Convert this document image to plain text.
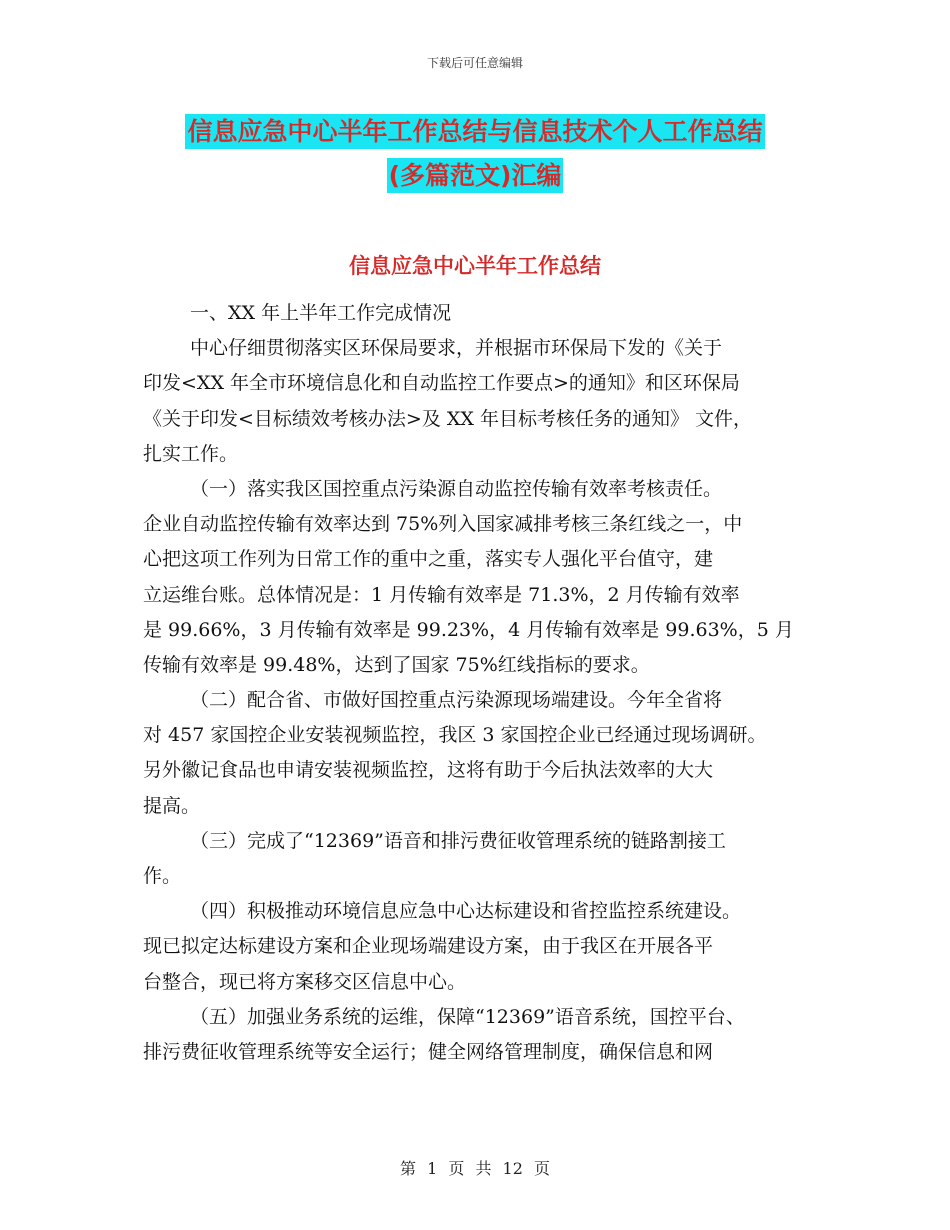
下载后可任意编辑
信息应急中心半年工作总结与信息技术个人工作总结
(多篇范文)汇编
信息应急中心半年工作总结
一、XX 年上半年工作完成情况
中心仔细贯彻落实区环保局要求，并根据市环保局下发的《关于
印发<XX 年全市环境信息化和自动监控工作要点>的通知》和区环保局
《关于印发<目标绩效考核办法>及 XX 年目标考核任务的通知》 文件，
扎实工作。
（一）落实我区国控重点污染源自动监控传输有效率考核责任。
企业自动监控传输有效率达到 75%列入国家减排考核三条红线之一，中
心把这项工作列为日常工作的重中之重，落实专人强化平台值守，建
立运维台账。总体情况是：1 月传输有效率是 71.3%，2 月传输有效率
是 99.66%，3 月传输有效率是 99.23%，4 月传输有效率是 99.63%，5 月
传输有效率是 99.48%，达到了国家 75%红线指标的要求。
（二）配合省、市做好国控重点污染源现场端建设。今年全省将
对 457 家国控企业安装视频监控，我区 3 家国控企业已经通过现场调研。
另外徽记食品也申请安装视频监控，这将有助于今后执法效率的大大
提高。
（三）完成了“12369”语音和排污费征收管理系统的链路割接工
作。
（四）积极推动环境信息应急中心达标建设和省控监控系统建设。
现已拟定达标建设方案和企业现场端建设方案，由于我区在开展各平
台整合，现已将方案移交区信息中心。
（五）加强业务系统的运维，保障“12369”语音系统，国控平台、
排污费征收管理系统等安全运行；健全网络管理制度，确保信息和网
第 1 页 共 12 页
